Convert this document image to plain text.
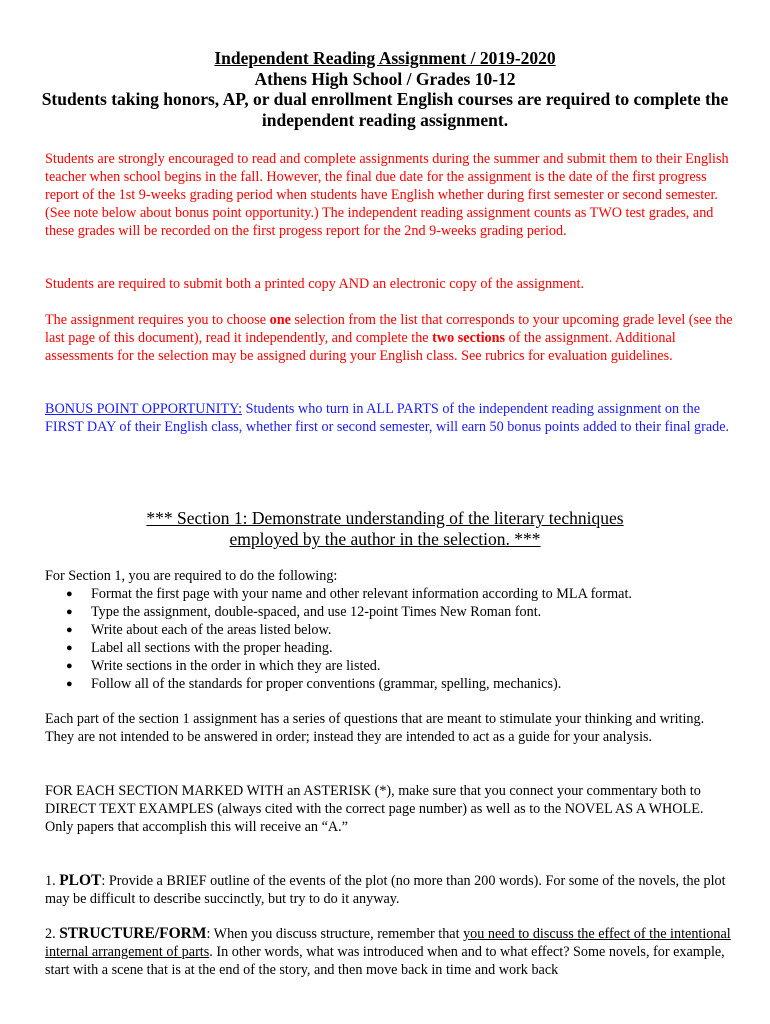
Independent Reading Assignment / 2019-2020
Athens High School / Grades 10-12
Students taking honors, AP, or dual enrollment English courses are required to complete the independent reading assignment.
Students are strongly encouraged to read and complete assignments during the summer and submit them to their English teacher when school begins in the fall. However, the final due date for the assignment is the date of the first progress report of the 1st 9-weeks grading period when students have English whether during first semester or second semester. (See note below about bonus point opportunity.) The independent reading assignment counts as TWO test grades, and these grades will be recorded on the first progess report for the 2nd 9-weeks grading period.
Students are required to submit both a printed copy AND an electronic copy of the assignment.
The assignment requires you to choose one selection from the list that corresponds to your upcoming grade level (see the last page of this document), read it independently, and complete the two sections of the assignment. Additional assessments for the selection may be assigned during your English class. See rubrics for evaluation guidelines.
BONUS POINT OPPORTUNITY: Students who turn in ALL PARTS of the independent reading assignment on the FIRST DAY of their English class, whether first or second semester, will earn 50 bonus points added to their final grade.
*** Section 1: Demonstrate understanding of the literary techniques
employed by the author in the selection. ***
For Section 1, you are required to do the following:
● Format the first page with your name and other relevant information according to MLA format.
● Type the assignment, double-spaced, and use 12-point Times New Roman font.
● Write about each of the areas listed below.
● Label all sections with the proper heading.
● Write sections in the order in which they are listed.
● Follow all of the standards for proper conventions (grammar, spelling, mechanics).
Each part of the section 1 assignment has a series of questions that are meant to stimulate your thinking and writing. They are not intended to be answered in order; instead they are intended to act as a guide for your analysis.
FOR EACH SECTION MARKED WITH an ASTERISK (*), make sure that you connect your commentary both to DIRECT TEXT EXAMPLES (always cited with the correct page number) as well as to the NOVEL AS A WHOLE. Only papers that accomplish this will receive an “A.”
1. PLOT: Provide a BRIEF outline of the events of the plot (no more than 200 words). For some of the novels, the plot may be difficult to describe succinctly, but try to do it anyway.
2. STRUCTURE/FORM: When you discuss structure, remember that you need to discuss the effect of the intentional internal arrangement of parts. In other words, what was introduced when and to what effect? Some novels, for example, start with a scene that is at the end of the story, and then move back in time and work back
